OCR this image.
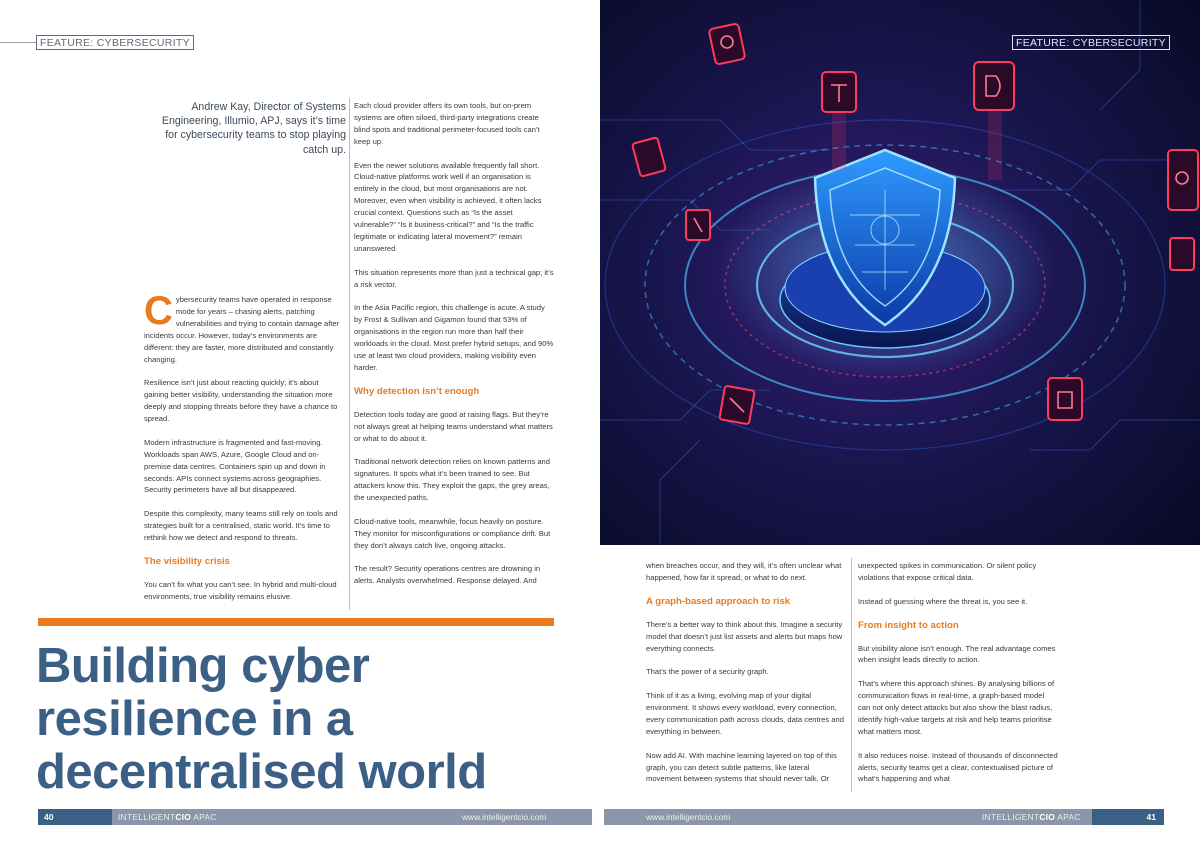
FEATURE: CYBERSECURITY
Andrew Kay, Director of Systems Engineering, Illumio, APJ, says it’s time for cybersecurity teams to stop playing catch up.

Cybersecurity teams have operated in response mode for years – chasing alerts, patching vulnerabilities and trying to contain damage after incidents occur. However, today’s environments are different: they are faster, more distributed and constantly changing.

Resilience isn’t just about reacting quickly; it’s about gaining better visibility, understanding the situation more deeply and stopping threats before they have a chance to spread.

Modern infrastructure is fragmented and fast-moving. Workloads span AWS, Azure, Google Cloud and on-premise data centres. Containers spin up and down in seconds. APIs connect systems across geographies. Security perimeters have all but disappeared.

Despite this complexity, many teams still rely on tools and strategies built for a centralised, static world. It’s time to rethink how we detect and respond to threats.

The visibility crisis

You can’t fix what you can’t see. In hybrid and multi-cloud environments, true visibility remains elusive.

Each cloud provider offers its own tools, but on-prem systems are often siloed, third-party integrations create blind spots and traditional perimeter-focused tools can’t keep up.

Even the newer solutions available frequently fall short. Cloud-native platforms work well if an organisation is entirely in the cloud, but most organisations are not. Moreover, even when visibility is achieved, it often lacks crucial context. Questions such as “Is the asset vulnerable?” “Is it business-critical?” and “Is the traffic legitimate or indicating lateral movement?” remain unanswered

This situation represents more than just a technical gap; it’s a risk vector.

In the Asia Pacific region, this challenge is acute. A study by Frost & Sullivan and Gigamon found that 53% of organisations in the region run more than half their workloads in the cloud. Most prefer hybrid setups, and 90% use at least two cloud providers, making visibility even harder.

Why detection isn’t enough

Detection tools today are good at raising flags. But they’re not always great at helping teams understand what matters or what to do about it.

Traditional network detection relies on known patterns and signatures. It spots what it’s been trained to see. But attackers know this. They exploit the gaps, the grey areas, the unexpected paths.

Cloud-native tools, meanwhile, focus heavily on posture. They monitor for misconfigurations or compliance drift. But they don’t always catch live, ongoing attacks.

The result? Security operations centres are drowning in alerts. Analysts overwhelmed. Response delayed. And

Building cyber resilience in a decentralised world
FEATURE: CYBERSECURITY

when breaches occur, and they will, it’s often unclear what happened, how far it spread, or what to do next.

A graph-based approach to risk

There’s a better way to think about this. Imagine a security model that doesn’t just list assets and alerts but maps how everything connects.

That’s the power of a security graph.

Think of it as a living, evolving map of your digital environment. It shows every workload, every connection, every communication path across clouds, data centres and everything in between.

Now add AI. With machine learning layered on top of this graph, you can detect subtle patterns, like lateral movement between systems that should never talk. Or

unexpected spikes in communication. Or silent policy violations that expose critical data.

Instead of guessing where the threat is, you see it.

From insight to action

But visibility alone isn’t enough. The real advantage comes when insight leads directly to action.

That’s where this approach shines. By analysing billions of communication flows in real-time, a graph-based model can not only detect attacks but also show the blast radius, identify high-value targets at risk and help teams prioritise what matters most.

It also reduces noise. Instead of thousands of disconnected alerts, security teams get a clear, contextualised picture of what’s happening and what

40	INTELLIGENTCIO APAC	www.intelligentcio.com	www.intelligentcio.com	INTELLIGENTCIO APAC	41
